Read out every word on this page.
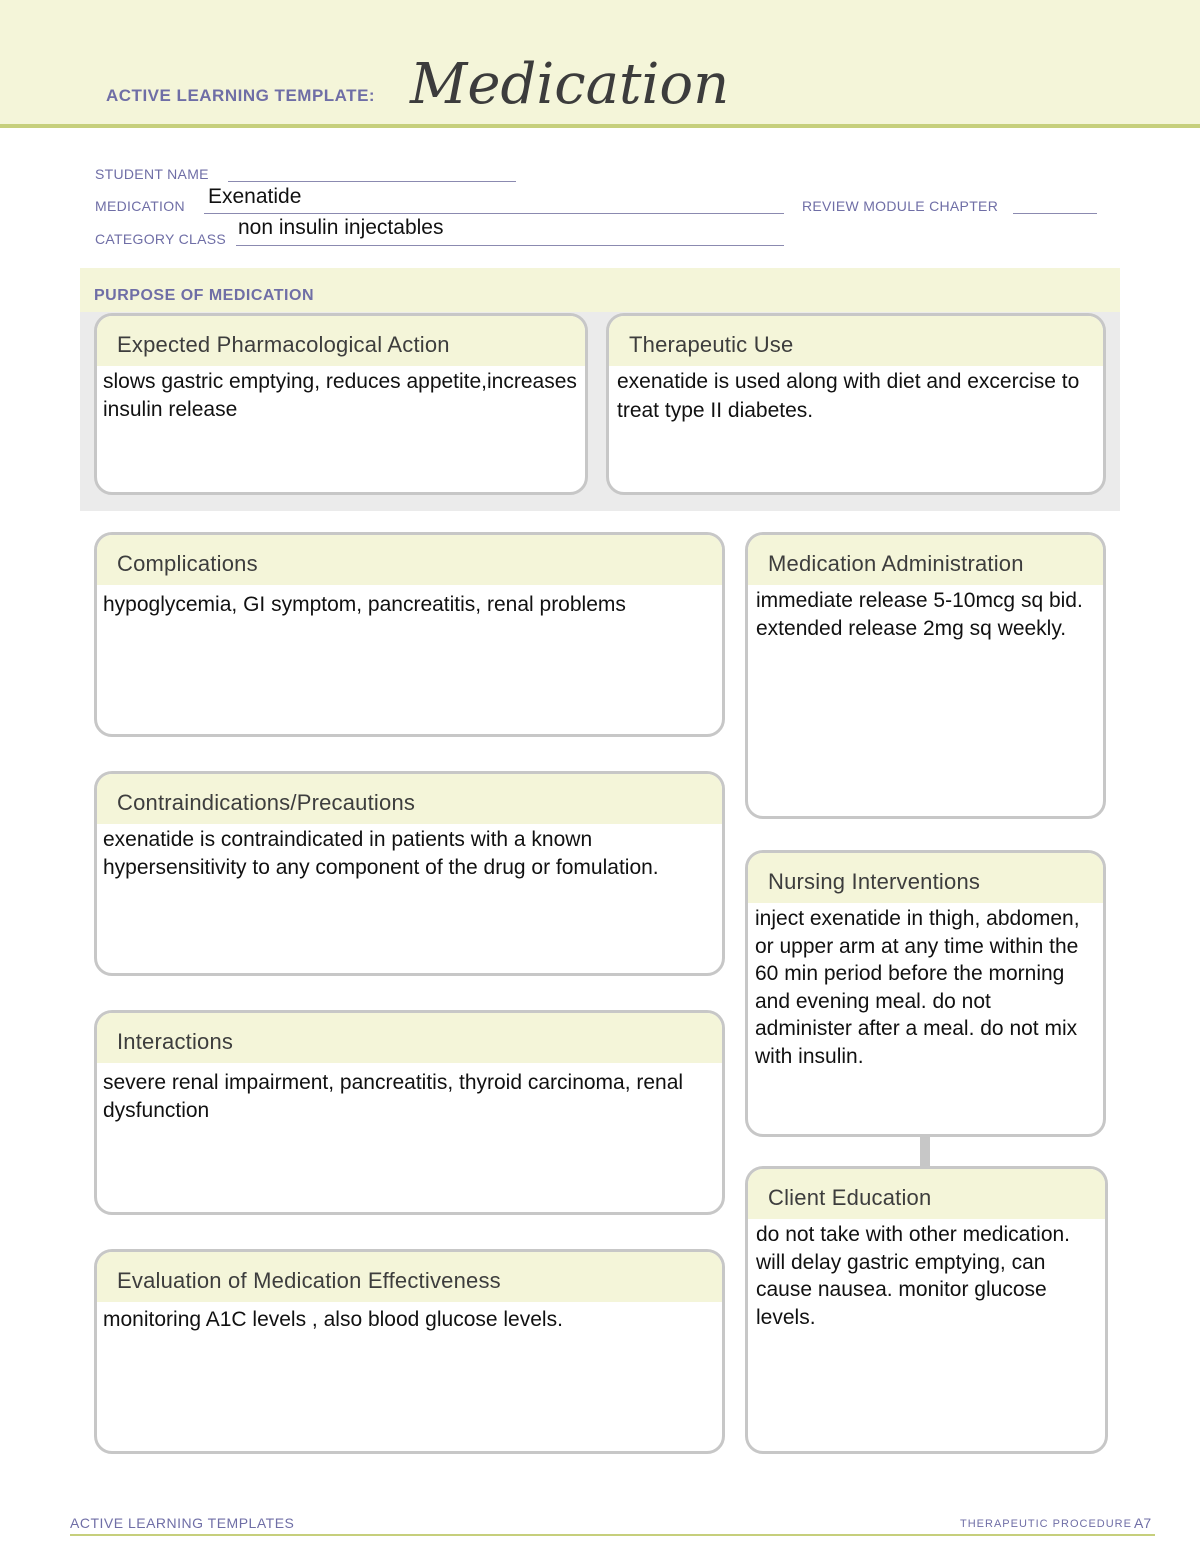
ACTIVE LEARNING TEMPLATE: Medication
STUDENT NAME
MEDICATION Exenatide	REVIEW MODULE CHAPTER
CATEGORY CLASS non insulin injectables
PURPOSE OF MEDICATION
Expected Pharmacological Action
slows gastric emptying, reduces appetite,increases insulin release
Therapeutic Use
exenatide is used along with diet and excercise to treat type II diabetes.
Complications
hypoglycemia, GI symptom, pancreatitis, renal problems
Contraindications/Precautions
exenatide is contraindicated in patients with a known hypersensitivity to any component of the drug or fomulation.
Interactions
severe renal impairment, pancreatitis, thyroid carcinoma, renal dysfunction
Evaluation of Medication Effectiveness
monitoring A1C levels , also blood glucose levels.
Medication Administration
immediate release 5-10mcg sq bid. extended release 2mg sq weekly.
Nursing Interventions
inject exenatide in thigh, abdomen, or upper arm at any time within the 60 min period before the morning and evening meal. do not administer after a meal. do not mix with insulin.
Client Education
do not take with other medication. will delay gastric emptying, can cause nausea. monitor glucose levels.
ACTIVE LEARNING TEMPLATES	THERAPEUTIC PROCEDURE A7
